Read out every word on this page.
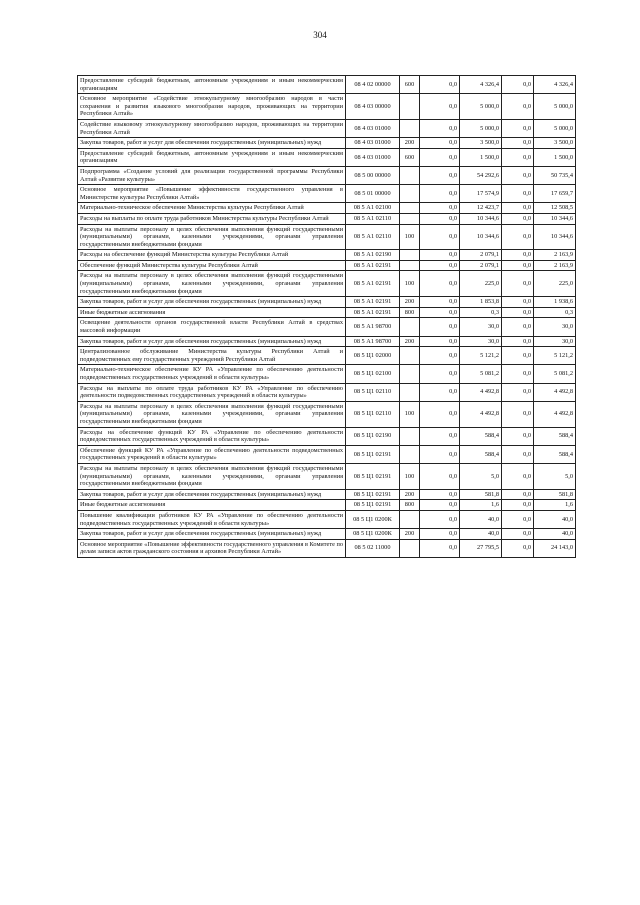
304
Предоставление субсидий бюджетным, автономным учреждениям и иным некоммерческим организациям	08 4 02 00000	600	0,0	4 326,4	0,0	4 326,4
Основное мероприятие «Содействие этнокультурному многообразию народов в части сохранения и развития языкового многообразия народов, проживающих на территории Республики Алтай»	08 4 03 00000		0,0	5 000,0	0,0	5 000,0
Содействие языковому этнокультурному многообразию народов, проживающих на территории Республики Алтай	08 4 03 01000		0,0	5 000,0	0,0	5 000,0
Закупка товаров, работ и услуг для обеспечения государственных (муниципальных) нужд	08 4 03 01000	200	0,0	3 500,0	0,0	3 500,0
Предоставление субсидий бюджетным, автономным учреждениям и иным некоммерческим организациям	08 4 03 01000	600	0,0	1 500,0	0,0	1 500,0
Подпрограмма «Создание условий для реализации государственной программы Республики Алтай «Развитие культуры»	08 5 00 00000		0,0	54 292,6	0,0	50 735,4
Основное мероприятие «Повышение эффективности государственного управления в Министерстве культуры Республики Алтай»	08 5 01 00000		0,0	17 574,9	0,0	17 659,7
Материально-техническое обеспечение Министерства культуры Республики Алтай	08 5 А1 02100		0,0	12 423,7	0,0	12 508,5
Расходы на выплаты по оплате труда работников Министерства культуры Республики Алтай	08 5 А1 02110		0,0	10 344,6	0,0	10 344,6
Расходы на выплаты персоналу в целях обеспечения выполнения функций государственными (муниципальными) органами, казенными учреждениями, органами управления государственными внебюджетными фондами	08 5 А1 02110	100	0,0	10 344,6	0,0	10 344,6
Расходы на обеспечение функций Министерства культуры Республики Алтай	08 5 А1 02190		0,0	2 079,1	0,0	2 163,9
Обеспечение функций Министерства культуры Республики Алтай	08 5 А1 02191		0,0	2 079,1	0,0	2 163,9
Расходы на выплаты персоналу в целях обеспечения выполнения функций государственными (муниципальными) органами, казенными учреждениями, органами управления государственными внебюджетными фондами	08 5 А1 02191	100	0,0	225,0	0,0	225,0
Закупка товаров, работ и услуг для обеспечения государственных (муниципальных) нужд	08 5 А1 02191	200	0,0	1 853,8	0,0	1 938,6
Иные бюджетные ассигнования	08 5 А1 02191	800	0,0	0,3	0,0	0,3
Освещение деятельности органов государственной власти Республики Алтай в средствах массовой информации	08 5 А1 98700		0,0	30,0	0,0	30,0
Закупка товаров, работ и услуг для обеспечения государственных (муниципальных) нужд	08 5 А1 98700	200	0,0	30,0	0,0	30,0
Централизованное обслуживание Министерства культуры Республики Алтай и подведомственных ему государственных учреждений Республики Алтай	08 5 Ц1 02000		0,0	5 121,2	0,0	5 121,2
Материально-техническое обеспечение КУ РА «Управление по обеспечению деятельности подведомственных государственных учреждений в области культуры»	08 5 Ц1 02100		0,0	5 081,2	0,0	5 081,2
Расходы на выплаты по оплате труда работников КУ РА «Управление по обеспечению деятельности подведомственных государственных учреждений в области культуры»	08 5 Ц1 02110		0,0	4 492,8	0,0	4 492,8
Расходы на выплаты персоналу в целях обеспечения выполнения функций государственными (муниципальными) органами, казенными учреждениями, органами управления государственными внебюджетными фондами	08 5 Ц1 02110	100	0,0	4 492,8	0,0	4 492,8
Расходы на обеспечение функций КУ РА «Управление по обеспечению деятельности подведомственных государственных учреждений в области культуры»	08 5 Ц1 02190		0,0	588,4	0,0	588,4
Обеспечение функций КУ РА «Управление по обеспечению деятельности подведомственных государственных учреждений в области культуры»	08 5 Ц1 02191		0,0	588,4	0,0	588,4
Расходы на выплаты персоналу в целях обеспечения выполнения функций государственными (муниципальными) органами, казенными учреждениями, органами управления государственными внебюджетными фондами	08 5 Ц1 02191	100	0,0	5,0	0,0	5,0
Закупка товаров, работ и услуг для обеспечения государственных (муниципальных) нужд	08 5 Ц1 02191	200	0,0	581,8	0,0	581,8
Иные бюджетные ассигнования	08 5 Ц1 02191	800	0,0	1,6	0,0	1,6
Повышение квалификации работников КУ РА «Управление по обеспечению деятельности подведомственных государственных учреждений в области культуры»	08 5 Ц1 0200К		0,0	40,0	0,0	40,0
Закупка товаров, работ и услуг для обеспечения государственных (муниципальных) нужд	08 5 Ц1 0200К	200	0,0	40,0	0,0	40,0
Основное мероприятие «Повышение эффективности государственного управления в Комитете по делам записи актов гражданского состояния и архивов Республики Алтай»	08 5 02 11000		0,0	27 795,5	0,0	24 143,0
